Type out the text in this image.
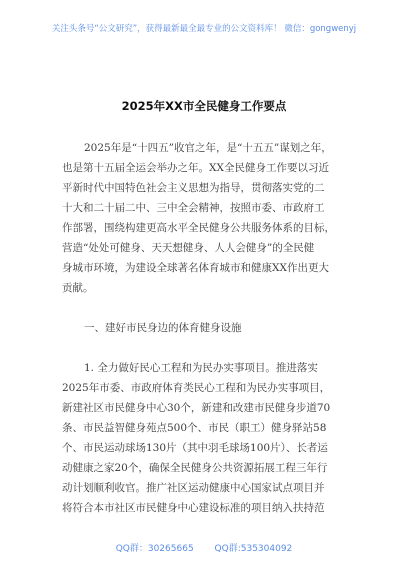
关注头条号“公文研究”，获得最新最全最专业的公文资料库！ 微信：gongwenyj
2025年XX市全民健身工作要点
2025年是“十四五”收官之年，是“十五五”谋划之年，
也是第十五届全运会举办之年。XX全民健身工作要以习近
平新时代中国特色社会主义思想为指导，贯彻落实党的二
十大和二十届二中、三中全会精神，按照市委、市政府工
作部署，围绕构建更高水平全民健身公共服务体系的目标，
营造“处处可健身、天天想健身、人人会健身”的全民健
身城市环境，为建设全球著名体育城市和健康XX作出更大
贡献。
一、建好市民身边的体育健身设施
1. 全力做好民心工程和为民办实事项目。推进落实
2025年市委、市政府体育类民心工程和为民办实事项目，
新建社区市民健身中心30个，新建和改建市民健身步道70
条、市民益智健身苑点500个、市民（职工）健身驿站58
个、市民运动球场130片（其中羽毛球场100片）、长者运
动健康之家20个，确保全民健身公共资源拓展工程三年行
动计划顺利收官。推广社区运动健康中心国家试点项目并
将符合本市社区市民健身中心建设标准的项目纳入扶持范
QQ群：30265665 QQ群:535304092
